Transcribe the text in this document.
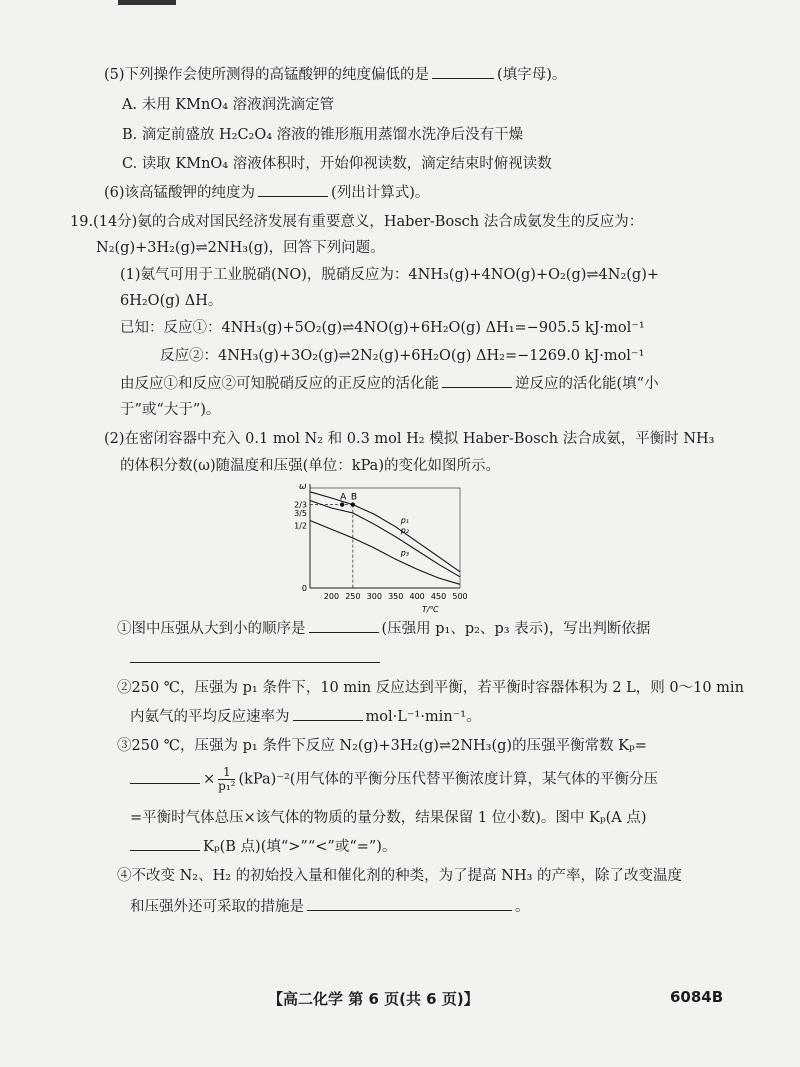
(5)下列操作会使所测得的高锰酸钾的纯度偏低的是	(填字母)。
A. 未用 KMnO₄ 溶液润洗滴定管
B. 滴定前盛放 H₂C₂O₄ 溶液的锥形瓶用蒸馏水洗净后没有干燥
C. 读取 KMnO₄ 溶液体积时，开始仰视读数，滴定结束时俯视读数
(6)该高锰酸钾的纯度为	(列出计算式)。
19.(14分)氨的合成对国民经济发展有重要意义，Haber-Bosch 法合成氨发生的反应为：
N₂(g)+3H₂(g)⇌2NH₃(g)，回答下列问题。
(1)氨气可用于工业脱硝(NO)，脱硝反应为：4NH₃(g)+4NO(g)+O₂(g)⇌4N₂(g)+
6H₂O(g) ΔH。
已知：反应①：4NH₃(g)+5O₂(g)⇌4NO(g)+6H₂O(g) ΔH₁=−905.5 kJ·mol⁻¹
反应②：4NH₃(g)+3O₂(g)⇌2N₂(g)+6H₂O(g) ΔH₂=−1269.0 kJ·mol⁻¹
由反应①和反应②可知脱硝反应的正反应的活化能	逆反应的活化能(填“小
于”或“大于”)。
(2)在密闭容器中充入 0.1 mol N₂ 和 0.3 mol H₂ 模拟 Haber-Bosch 法合成氨，平衡时 NH₃
的体积分数(ω)随温度和压强(单位：kPa)的变化如图所示。
ω
T/℃
200 250 300 350 400 450 500
0
1/2
3/5
2/3
p₁
p₂
p₃
A B
①图中压强从大到小的顺序是	(压强用 p₁、p₂、p₃ 表示)，写出判断依据
②250 ℃，压强为 p₁ 条件下，10 min 反应达到平衡，若平衡时容器体积为 2 L，则 0～10 min
内氨气的平均反应速率为	mol·L⁻¹·min⁻¹。
③250 ℃，压强为 p₁ 条件下反应 N₂(g)+3H₂(g)⇌2NH₃(g)的压强平衡常数 Kₚ=
× $\frac{1}{\text{p₁²}} (kPa)^{-2}$(用气体的平衡分压代替平衡浓度计算，某气体的平衡分压
=平衡时气体总压×该气体的物质的量分数，结果保留 1 位小数)。图中 Kₚ(A 点)
Kₚ(B 点)(填“>”“<”或“=”)。
④不改变 N₂、H₂ 的初始投入量和催化剂的种类，为了提高 NH₃ 的产率，除了改变温度
和压强外还可采取的措施是	。
【高二化学 第 6 页(共 6 页)】	6084B
